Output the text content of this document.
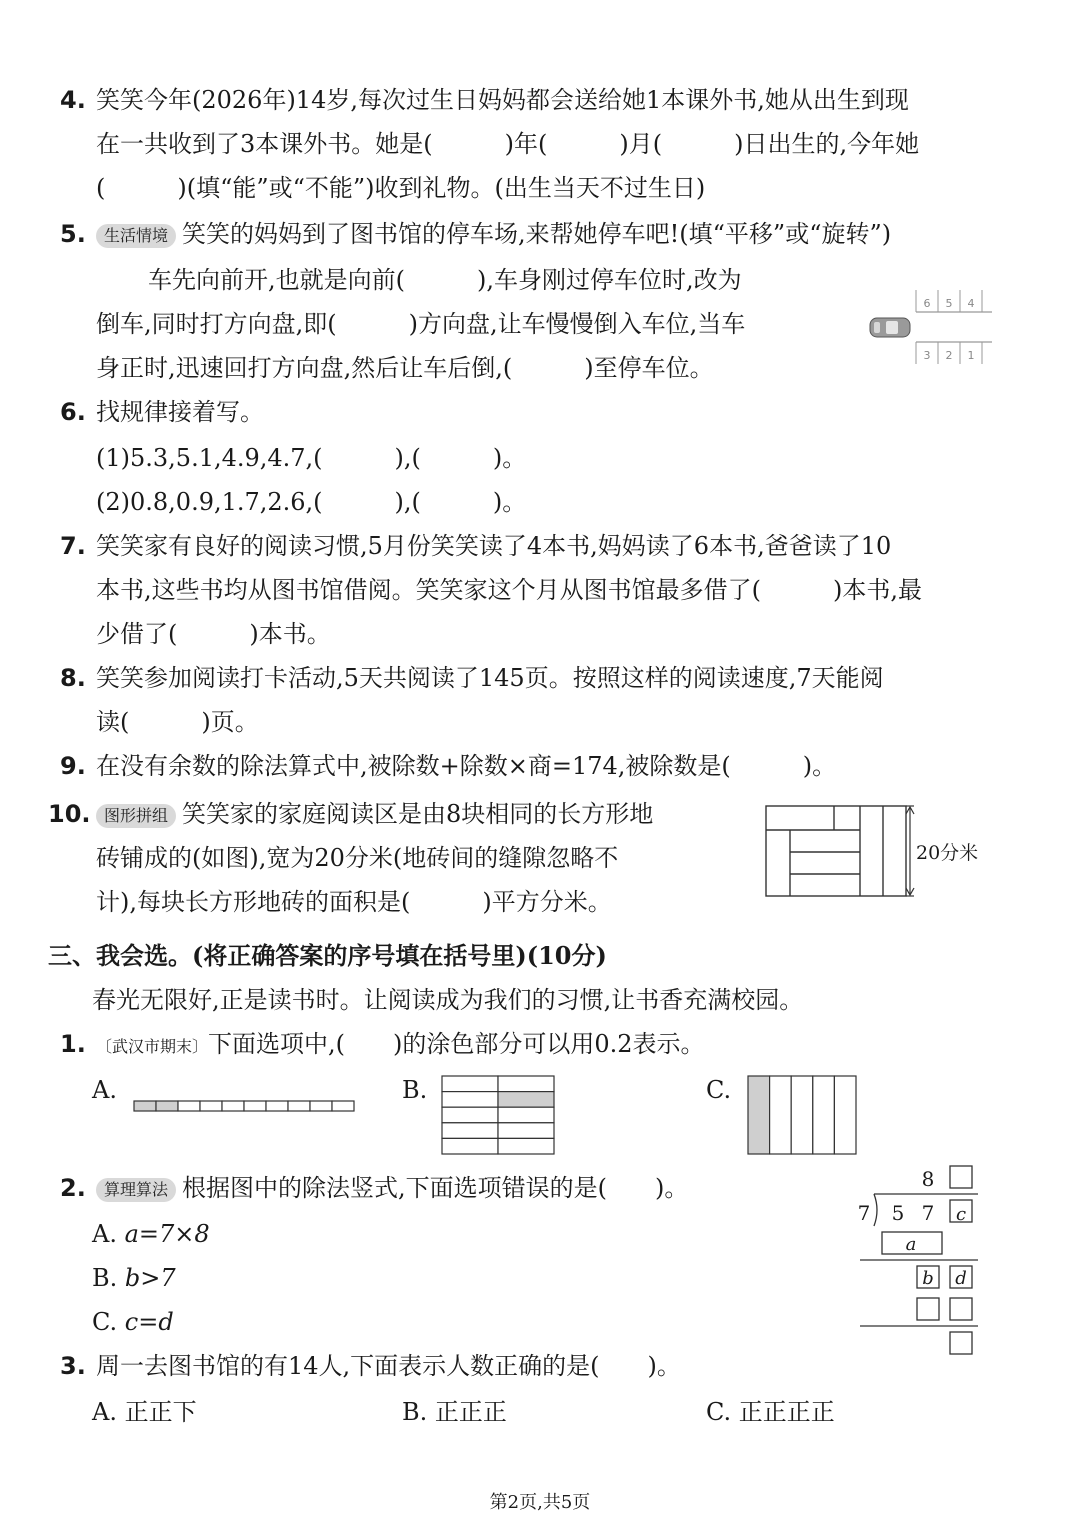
4. 笑笑今年(2026年)14岁,每次过生日妈妈都会送给她1本课外书,她从出生到现
在一共收到了3本课外书。她是(　　　)年(　　　)月(　　　)日出生的,今年她
(　　　)(填“能”或“不能”)收到礼物。(出生当天不过生日)
5.	生活情境 笑笑的妈妈到了图书馆的停车场,来帮她停车吧!(填“平移”或“旋转”)
车先向前开,也就是向前(　　　),车身刚过停车位时,改为
倒车,同时打方向盘,即(　　　)方向盘,让车慢慢倒入车位,当车
身正时,迅速回打方向盘,然后让车后倒,(　　　)至停车位。
6 5 4
3 2 1
6. 找规律接着写。
(1)5.3,5.1,4.9,4.7,(　　　),(　　　)。
(2)0.8,0.9,1.7,2.6,(　　　),(　　　)。
7. 笑笑家有良好的阅读习惯,5月份笑笑读了4本书,妈妈读了6本书,爸爸读了10
本书,这些书均从图书馆借阅。笑笑家这个月从图书馆最多借了(　　　)本书,最
少借了(　　　)本书。
8. 笑笑参加阅读打卡活动,5天共阅读了145页。按照这样的阅读速度,7天能阅
读(　　　)页。
9. 在没有余数的除法算式中,被除数+除数×商=174,被除数是(　　　)。
10. 图形拼组 笑笑家的家庭阅读区是由8块相同的长方形地
砖铺成的(如图),宽为20分米(地砖间的缝隙忽略不
计),每块长方形地砖的面积是(　　　)平方分米。
20分米
三、我会选。(将正确答案的序号填在括号里)(10分)
春光无限好,正是读书时。让阅读成为我们的习惯,让书香充满校园。
1. 〔武汉市期末〕下面选项中,(　　)的涂色部分可以用0.2表示。
A.	B.	C.
2.	算理算法 根据图中的除法竖式,下面选项错误的是(　　)。
A. a=7×8
B. b>7
C. c=d
8
7 5 7 c
a
b d
3. 周一去图书馆的有14人,下面表示人数正确的是(　　)。
A. 正正下	B. 正正正	C. 正正正正
第2页,共5页
